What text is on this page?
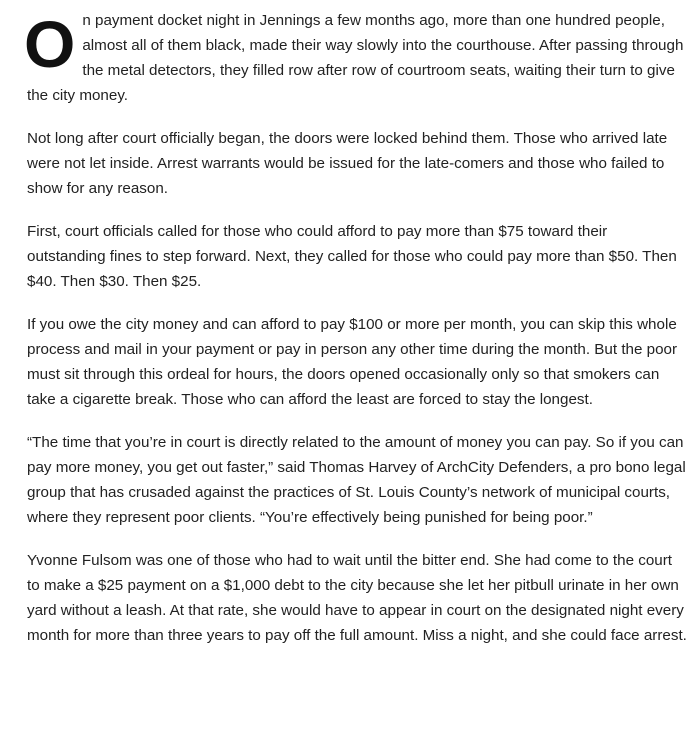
On payment docket night in Jennings a few months ago, more than one hundred people, almost all of them black, made their way slowly into the courthouse. After passing through the metal detectors, they filled row after row of courtroom seats, waiting their turn to give the city money.

Not long after court officially began, the doors were locked behind them. Those who arrived late were not let inside. Arrest warrants would be issued for the late-comers and those who failed to show for any reason.

First, court officials called for those who could afford to pay more than $75 toward their outstanding fines to step forward. Next, they called for those who could pay more than $50. Then $40. Then $30. Then $25.

If you owe the city money and can afford to pay $100 or more per month, you can skip this whole process and mail in your payment or pay in person any other time during the month. But the poor must sit through this ordeal for hours, the doors opened occasionally only so that smokers can take a cigarette break. Those who can afford the least are forced to stay the longest.

“The time that you’re in court is directly related to the amount of money you can pay. So if you can pay more money, you get out faster,” said Thomas Harvey of ArchCity Defenders, a pro bono legal group that has crusaded against the practices of St. Louis County’s network of municipal courts, where they represent poor clients. “You’re effectively being punished for being poor.”

Yvonne Fulsom was one of those who had to wait until the bitter end. She had come to the court to make a $25 payment on a $1,000 debt to the city because she let her pitbull urinate in her own yard without a leash. At that rate, she would have to appear in court on the designated night every month for more than three years to pay off the full amount. Miss a night, and she could face arrest.
